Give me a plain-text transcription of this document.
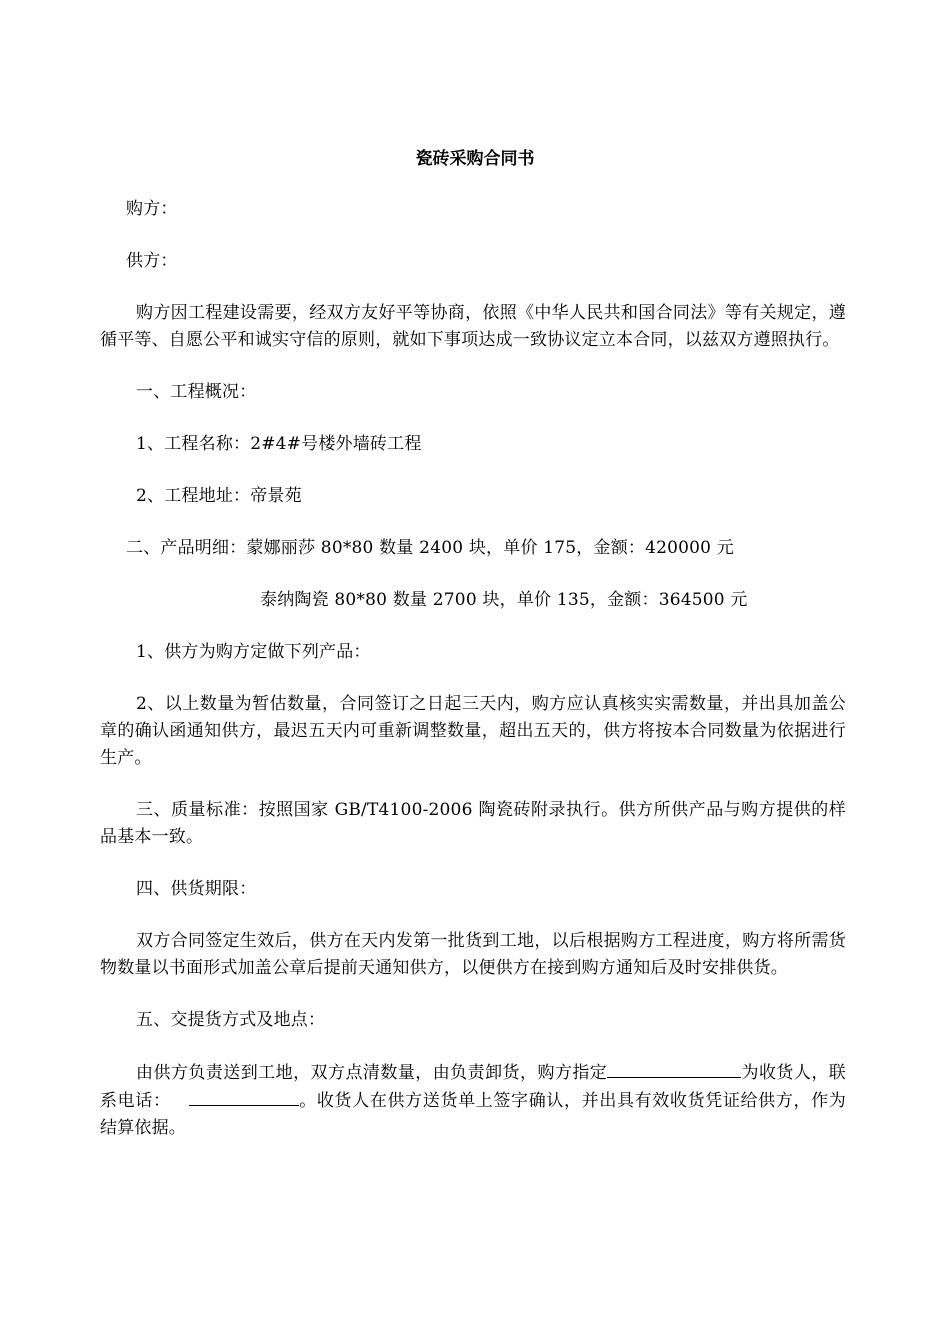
瓷砖采购合同书

购方：

供方：

购方因工程建设需要，经双方友好平等协商，依照《中华人民共和国合同法》等有关规定，遵循平等、自愿公平和诚实守信的原则，就如下事项达成一致协议定立本合同，以兹双方遵照执行。

一、工程概况：

1、工程名称：2#4#号楼外墙砖工程

2、工程地址：帝景苑

二、产品明细：蒙娜丽莎 80*80 数量 2400 块，单价 175，金额：420000 元

泰纳陶瓷 80*80 数量 2700 块，单价 135，金额：364500 元

1、供方为购方定做下列产品：

2、以上数量为暂估数量，合同签订之日起三天内，购方应认真核实实需数量，并出具加盖公章的确认函通知供方，最迟五天内可重新调整数量，超出五天的，供方将按本合同数量为依据进行生产。

三、质量标准：按照国家 GB/T4100-2006 陶瓷砖附录执行。供方所供产品与购方提供的样品基本一致。

四、供货期限：

双方合同签定生效后，供方在天内发第一批货到工地，以后根据购方工程进度，购方将所需货物数量以书面形式加盖公章后提前天通知供方，以便供方在接到购方通知后及时安排供货。

五、交提货方式及地点：

由供方负责送到工地，双方点清数量，由负责卸货，购方指定	为收货人，联系电话：	。收货人在供方送货单上签字确认，并出具有效收货凭证给供方，作为结算依据。
